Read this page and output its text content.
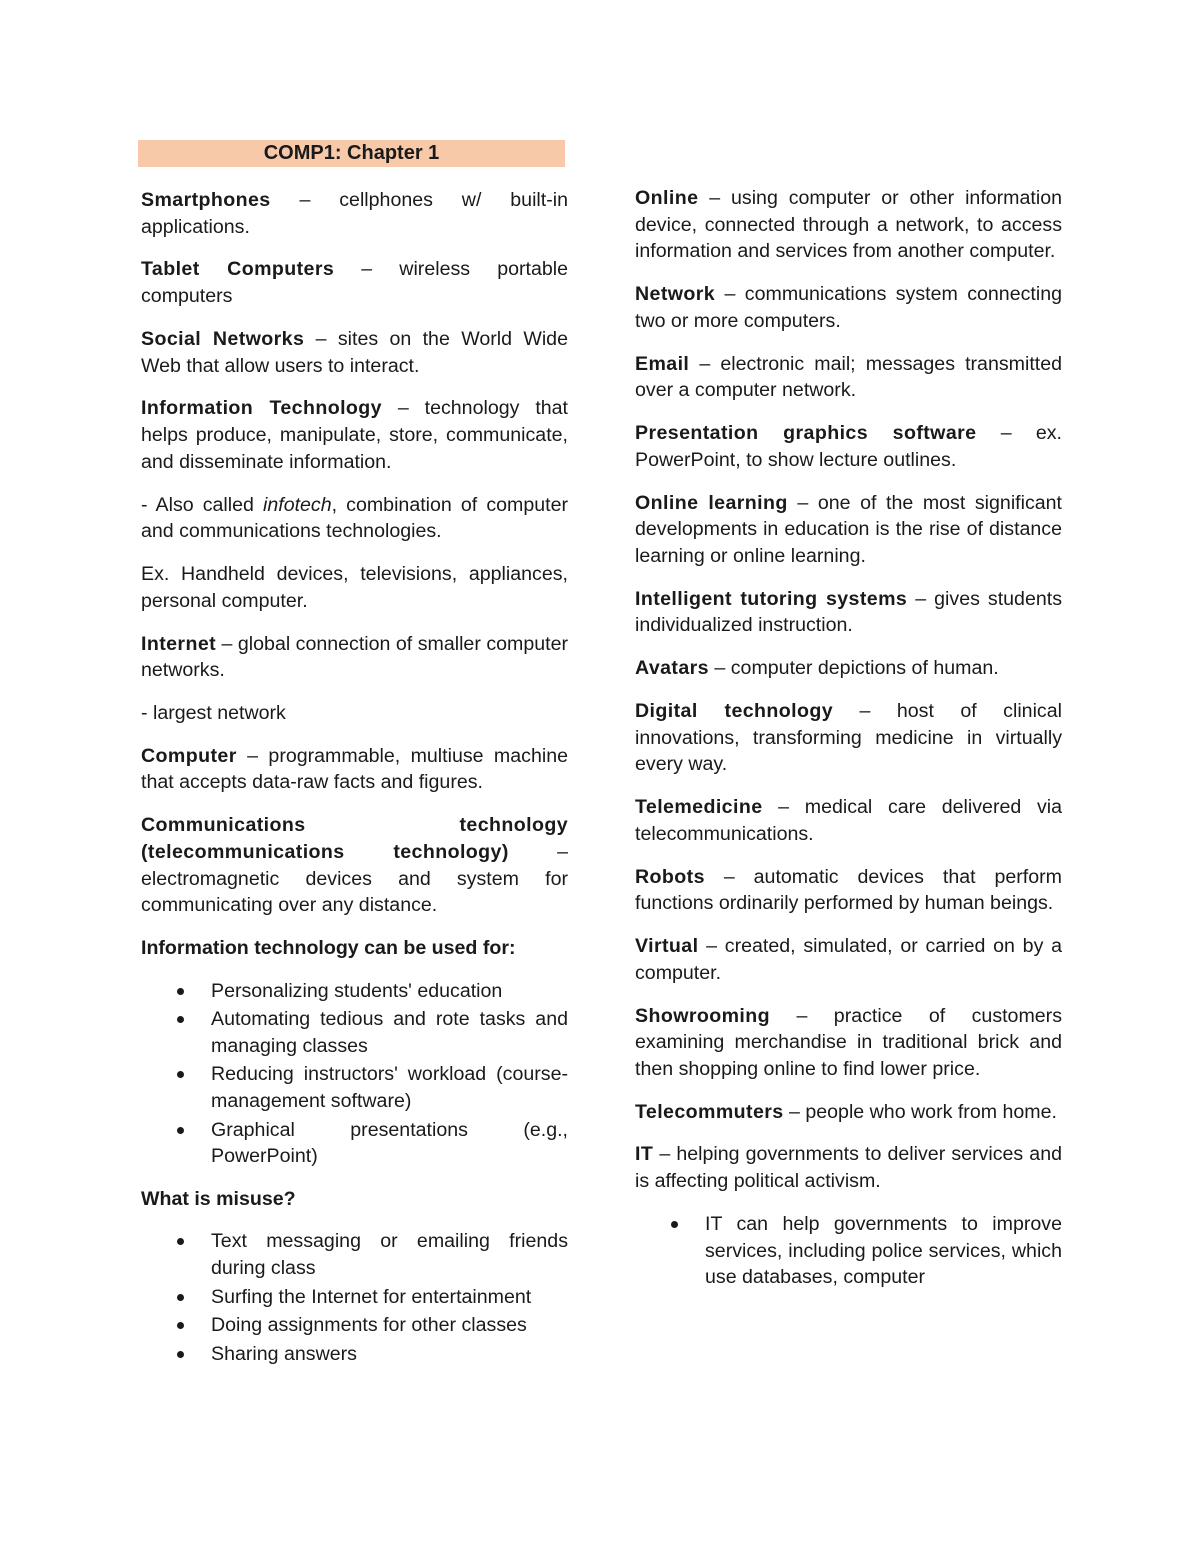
COMP1: Chapter 1

Smartphones – cellphones w/ built-in applications.

Tablet Computers – wireless portable computers

Social Networks – sites on the World Wide Web that allow users to interact.

Information Technology – technology that helps produce, manipulate, store, communicate, and disseminate information.

- Also called infotech, combination of computer and communications technologies.

Ex. Handheld devices, televisions, appliances, personal computer.

Internet – global connection of smaller computer networks.

- largest network

Computer – programmable, multiuse machine that accepts data-raw facts and figures.

Communications technology (telecommunications technology) – electromagnetic devices and system for communicating over any distance.

Information technology can be used for:
Personalizing students' education
Automating tedious and rote tasks and managing classes
Reducing instructors' workload (course-management software)
Graphical presentations (e.g., PowerPoint)
What is misuse?
Text messaging or emailing friends during class
Surfing the Internet for entertainment
Doing assignments for other classes
Sharing answers

Online – using computer or other information device, connected through a network, to access information and services from another computer.

Network – communications system connecting two or more computers.

Email – electronic mail; messages transmitted over a computer network.

Presentation graphics software – ex. PowerPoint, to show lecture outlines.

Online learning – one of the most significant developments in education is the rise of distance learning or online learning.

Intelligent tutoring systems – gives students individualized instruction.

Avatars – computer depictions of human.

Digital technology – host of clinical innovations, transforming medicine in virtually every way.

Telemedicine – medical care delivered via telecommunications.

Robots – automatic devices that perform functions ordinarily performed by human beings.

Virtual – created, simulated, or carried on by a computer.

Showrooming – practice of customers examining merchandise in traditional brick and then shopping online to find lower price.

Telecommuters – people who work from home.

IT – helping governments to deliver services and is affecting political activism.

IT can help governments to improve services, including police services, which use databases, computer
